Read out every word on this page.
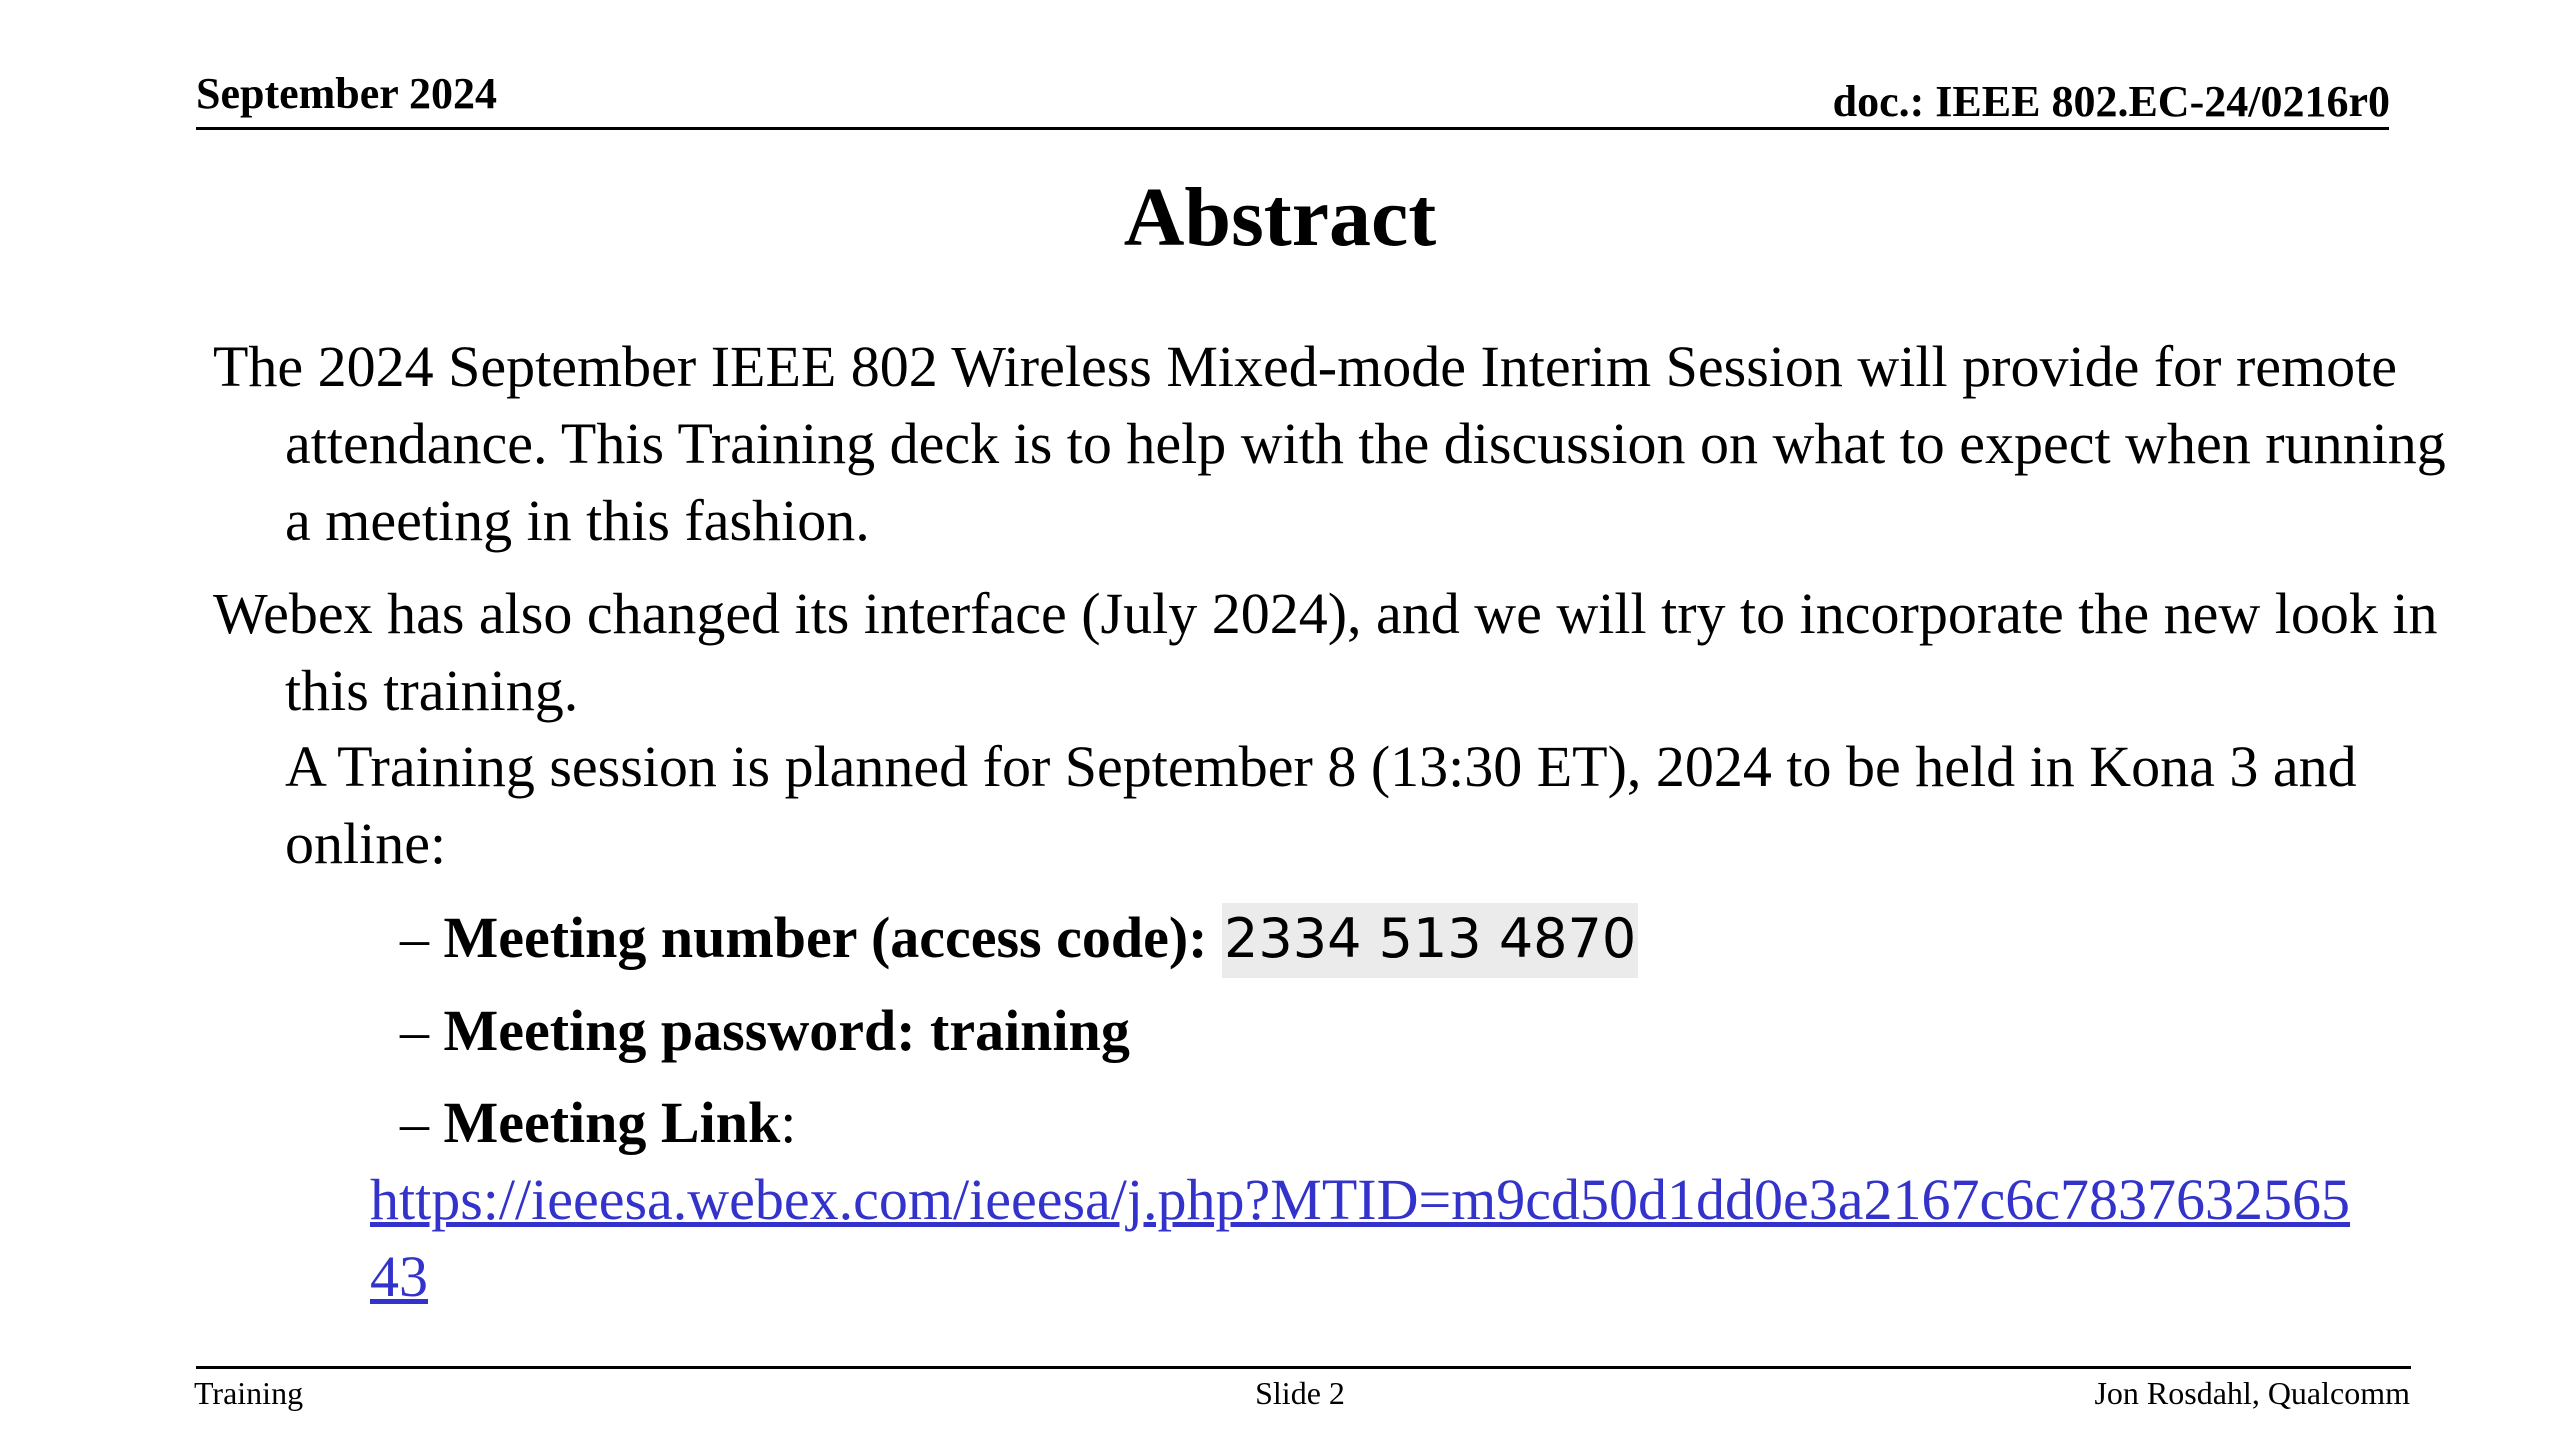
September 2024	doc.: IEEE 802.EC-24/0216r0
Abstract
The 2024 September IEEE 802 Wireless Mixed-mode Interim Session will provide for remote attendance. This Training deck is to help with the discussion on what to expect when running a meeting in this fashion.
Webex has also changed its interface (July 2024), and we will try to incorporate the new look in this training.
A Training session is planned for September 8 (13:30 ET), 2024 to be held in Kona 3 and online:
– Meeting number (access code): 2334 513 4870
– Meeting password: training
– Meeting Link:
https://ieeesa.webex.com/ieeesa/j.php?MTID=m9cd50d1dd0e3a2167c6c783763256543
Training	Slide 2	Jon Rosdahl, Qualcomm
